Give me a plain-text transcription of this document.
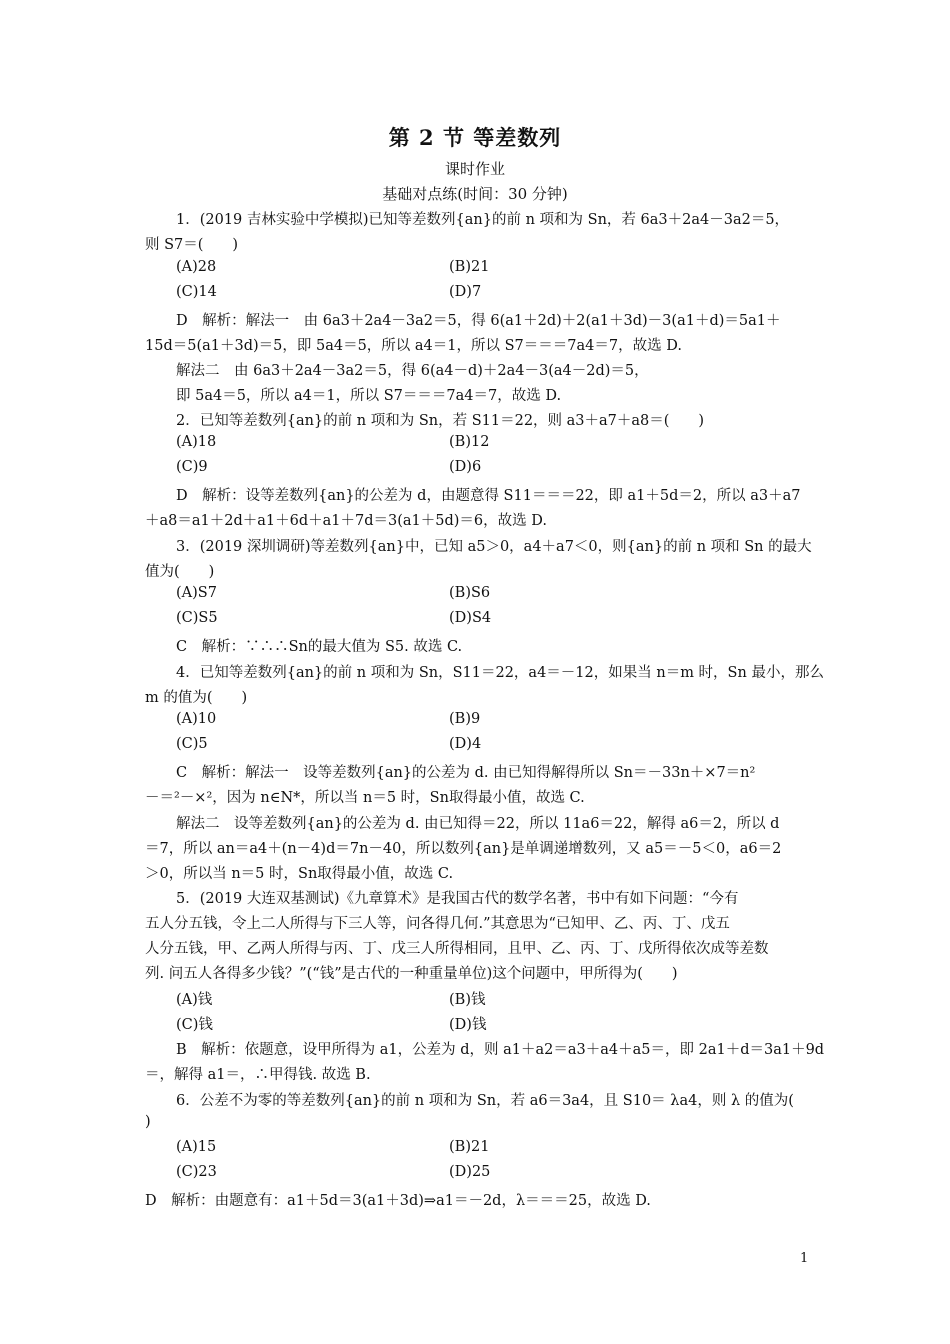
第 2 节 等差数列
课时作业
基础对点练(时间：30 分钟)
1．(2019 吉林实验中学模拟)已知等差数列{an}的前 n 项和为 Sn，若 6a3＋2a4－3a2＝5，
则 S7＝(　　)
(A)28	(B)21
(C)14	(D)7
D　解析：解法一　由 6a3＋2a4－3a2＝5，得 6(a1＋2d)＋2(a1＋3d)－3(a1＋d)＝5a1＋
15d＝5(a1＋3d)＝5，即 5a4＝5，所以 a4＝1，所以 S7＝＝＝7a4＝7，故选 D.
解法二　由 6a3＋2a4－3a2＝5，得 6(a4－d)＋2a4－3(a4－2d)＝5，
即 5a4＝5，所以 a4＝1，所以 S7＝＝＝7a4＝7，故选 D.
2．已知等差数列{an}的前 n 项和为 Sn，若 S11＝22，则 a3＋a7＋a8＝(　　)
(A)18	(B)12
(C)9	(D)6
D　解析：设等差数列{an}的公差为 d，由题意得 S11＝＝＝22，即 a1＋5d＝2，所以 a3＋a7
＋a8＝a1＋2d＋a1＋6d＋a1＋7d＝3(a1＋5d)＝6，故选 D.
3．(2019 深圳调研)等差数列{an}中，已知 a5＞0，a4＋a7＜0，则{an}的前 n 项和 Sn 的最大
值为(　　)
(A)S7	(B)S6
(C)S5	(D)S4
C　解析：∵∴∴Sn的最大值为 S5. 故选 C.
4．已知等差数列{an}的前 n 项和为 Sn，S11＝22，a4＝－12，如果当 n＝m 时，Sn 最小，那么
m 的值为(　　)
(A)10	(B)9
(C)5	(D)4
C　解析：解法一　设等差数列{an}的公差为 d. 由已知得解得所以 Sn＝－33n＋×7＝n²
－＝²－×²，因为 n∈N*，所以当 n＝5 时，Sn取得最小值，故选 C.
解法二　设等差数列{an}的公差为 d. 由已知得＝22，所以 11a6＝22，解得 a6＝2，所以 d
＝7，所以 an＝a4＋(n－4)d＝7n－40，所以数列{an}是单调递增数列，又 a5＝－5＜0，a6＝2
＞0，所以当 n＝5 时，Sn取得最小值，故选 C.
5．(2019 大连双基测试)《九章算术》是我国古代的数学名著，书中有如下问题：“今有
五人分五钱，令上二人所得与下三人等，问各得几何.”其意思为“已知甲、乙、丙、丁、戊五
人分五钱，甲、乙两人所得与丙、丁、戊三人所得相同，且甲、乙、丙、丁、戊所得依次成等差数
列. 问五人各得多少钱？”(“钱”是古代的一种重量单位)这个问题中，甲所得为(　　)
(A)钱	(B)钱
(C)钱	(D)钱
B　解析：依题意，设甲所得为 a1，公差为 d，则 a1＋a2＝a3＋a4＋a5＝，即 2a1＋d＝3a1＋9d
＝，解得 a1＝，∴甲得钱. 故选 B.
6．公差不为零的等差数列{an}的前 n 项和为 Sn，若 a6＝3a4，且 S10＝ λa4，则 λ 的值为(
)
(A)15	(B)21
(C)23	(D)25
D　解析：由题意有：a1＋5d＝3(a1＋3d)⇒a1＝－2d，λ＝＝＝25，故选 D.
1
